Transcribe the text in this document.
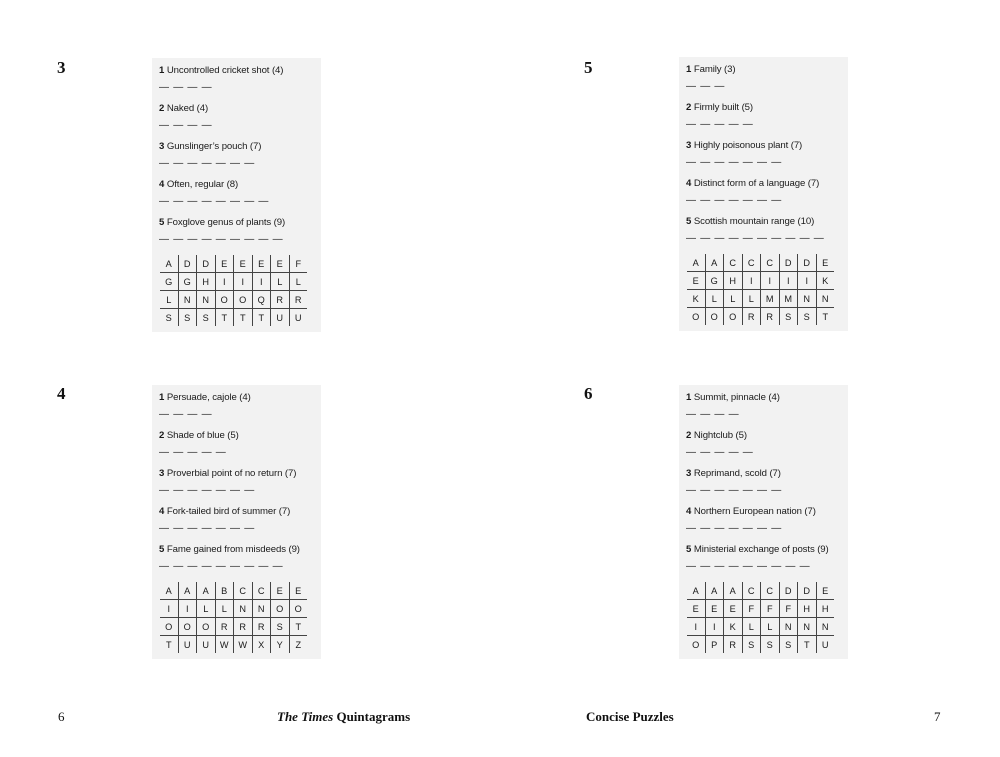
3
4
5
6
1 Uncontrolled cricket shot (4)
————
2 Naked (4)
————
3 Gunslinger’s pouch (7)
———————
4 Often, regular (8)
————————
5 Foxglove genus of plants (9)
—————————
A	D	D	E	E	E	E	F
G	G	H	I	I	I	L	L
L	N	N	O	O	Q	R	R
S	S	S	T	T	T	U	U
1 Persuade, cajole (4)
————
2 Shade of blue (5)
—————
3 Proverbial point of no return (7)
———————
4 Fork-tailed bird of summer (7)
———————
5 Fame gained from misdeeds (9)
—————————
A	A	A	B	C	C	E	E
I	I	L	L	N	N	O	O
O	O	O	R	R	R	S	T
T	U	U	W	W	X	Y	Z
1 Family (3)
———
2 Firmly built (5)
—————
3 Highly poisonous plant (7)
———————
4 Distinct form of a language (7)
———————
5 Scottish mountain range (10)
——————————
A	A	C	C	C	D	D	E
E	G	H	I	I	I	I	K
K	L	L	L	M	M	N	N
O	O	O	R	R	S	S	T
1 Summit, pinnacle (4)
————
2 Nightclub (5)
—————
3 Reprimand, scold (7)
———————
4 Northern European nation (7)
———————
5 Ministerial exchange of posts (9)
—————————
A	A	A	C	C	D	D	E
E	E	E	F	F	F	H	H
I	I	K	L	L	N	N	N
O	P	R	S	S	S	T	U
6	The Times Quintagrams	Concise Puzzles	7
